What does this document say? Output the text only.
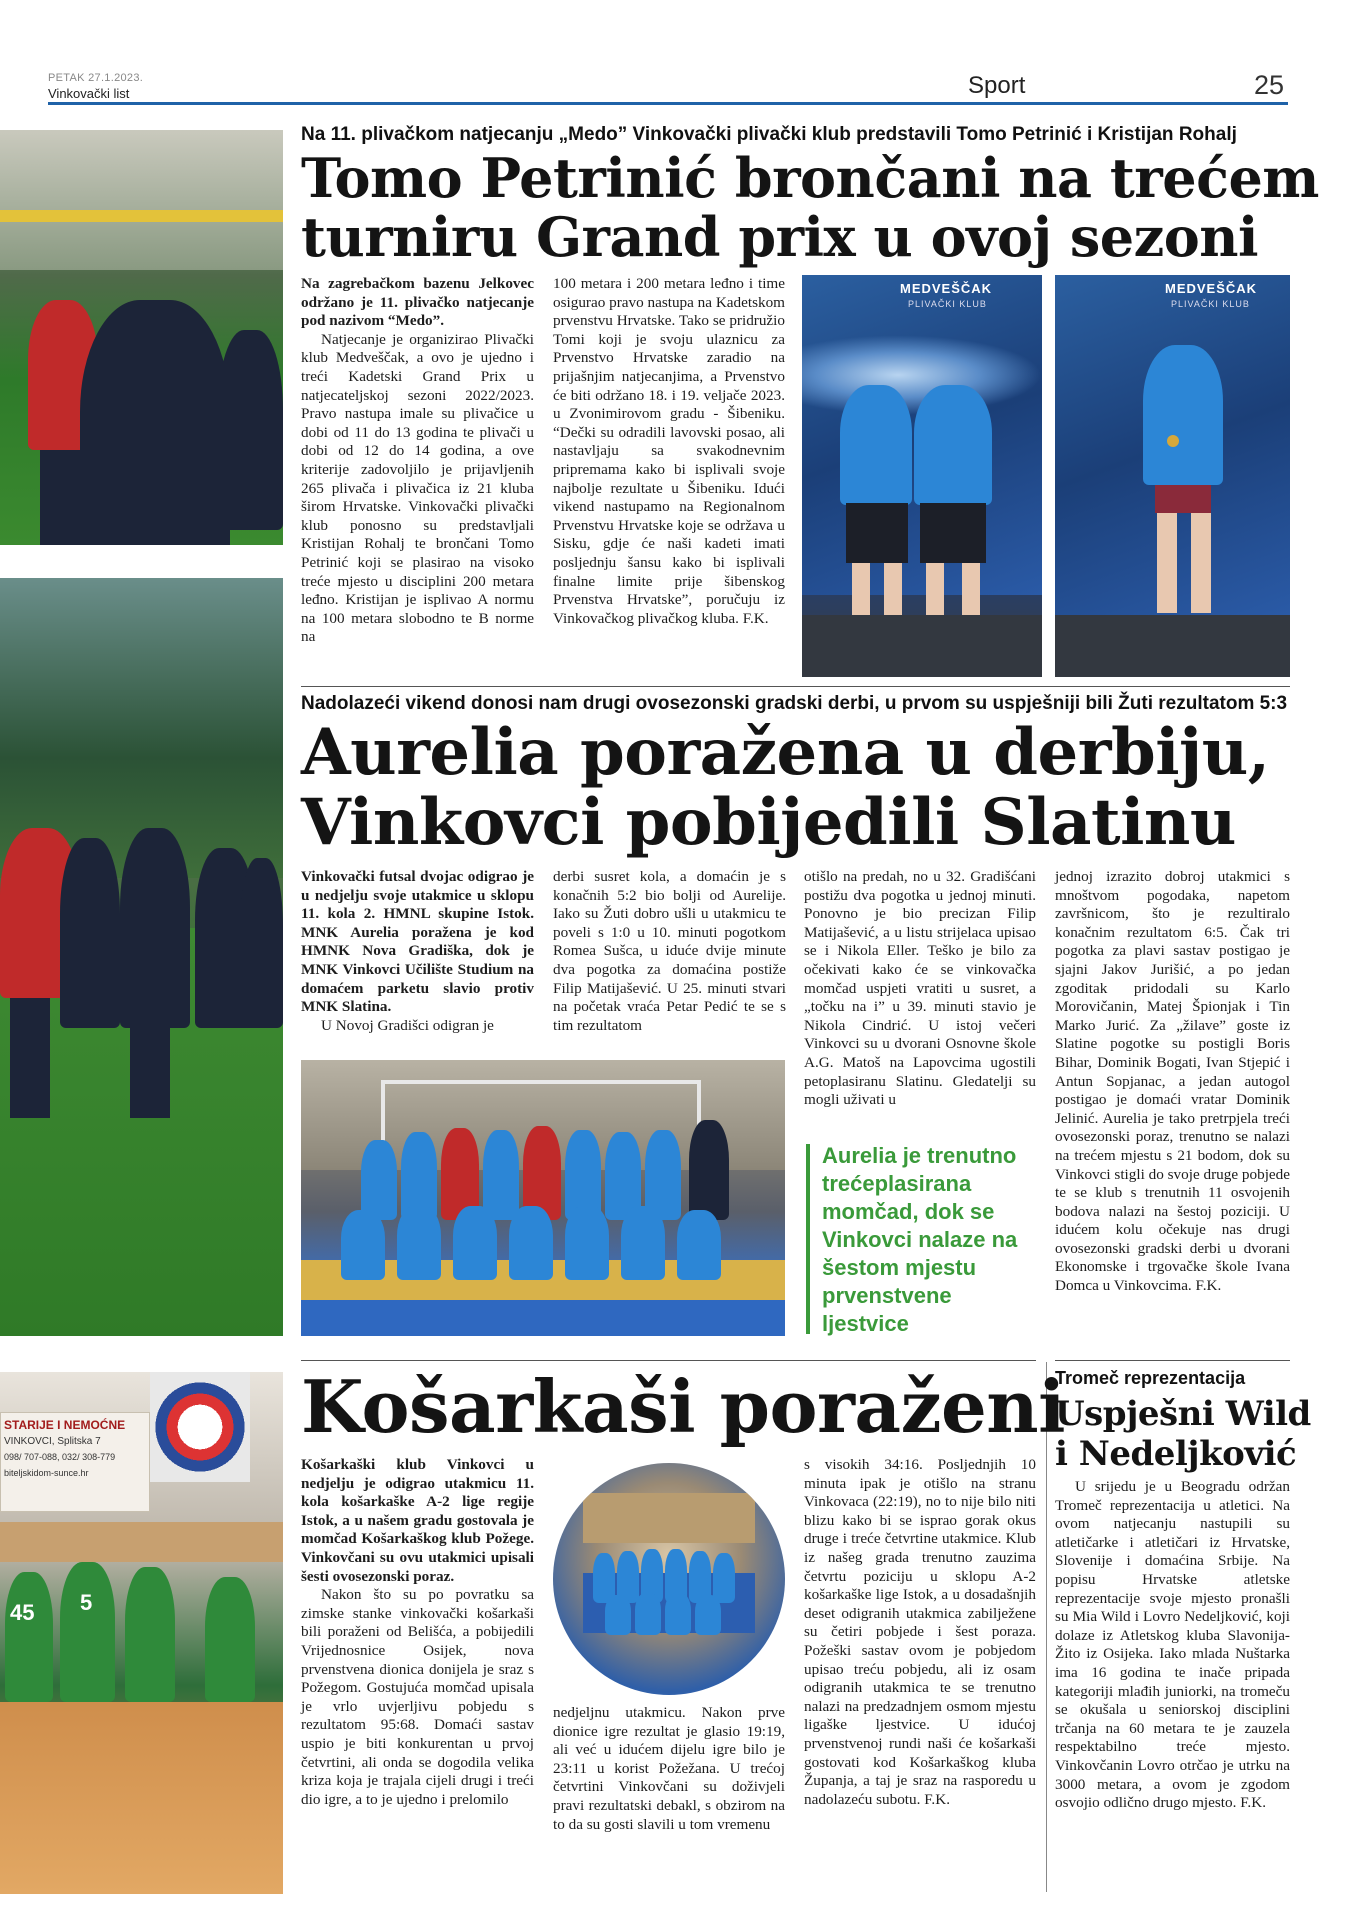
PETAK 27.1.2023.
Vinkovački list	Sport	25
STARIJE I NEMOĆNE
VINKOVCI, Splitska 7
098/ 707-088, 032/ 308-779
biteljskidom-sunce.hr
45 5
Na 11. plivačkom natjecanju „Medo” Vinkovački plivački klub predstavili Tomo Petrinić i Kristijan Rohalj
Tomo Petrinić brončani na trećem
turniru Grand prix u ovoj sezoni

Na zagrebačkom bazenu Jelkovec održano je 11. plivačko natjecanje pod nazivom “Medo”.

Natjecanje je organizirao Plivački klub Medveščak, a ovo je ujedno i treći Kadetski Grand Prix u natjecateljskoj sezoni 2022/2023. Pravo nastupa imale su plivačice u dobi od 11 do 13 godina te plivači u dobi od 12 do 14 godina, a ove kriterije zadovoljilo je prijavljenih 265 plivača i plivačica iz 21 kluba širom Hrvatske. Vinkovački plivački klub ponosno su predstavljali Kristijan Rohalj te brončani Tomo Petrinić koji se plasirao na visoko treće mjesto u disciplini 200 metara leđno. Kristijan je isplivao A normu na 100 metara slobodno te B norme na

100 metara i 200 metara leđno i time osigurao pravo nastupa na Kadetskom prvenstvu Hrvatske. Tako se pridružio Tomi koji je svoju ulaznicu za Prvenstvo Hrvatske zaradio na prijašnjim natjecanjima, a Prvenstvo će biti održano 18. i 19. veljače 2023. u Zvonimirovom gradu - Šibeniku. “Dečki su odradili lavovski posao, ali nastavljaju sa svakodnevnim pripremama kako bi isplivali svoje najbolje rezultate u Šibeniku. Idući vikend nastupamo na Regionalnom Prvenstvu Hrvatske koje se održava u Sisku, gdje će naši kadeti imati posljednju šansu kako bi isplivali finalne limite prije šibenskog Prvenstva Hrvatske”, poručuju iz Vinkovačkog plivačkog kluba. F.K.

MEDVEŠČAK
PLIVAČKI KLUB
MEDVEŠČAK
PLIVAČKI KLUB
Nadolazeći vikend donosi nam drugi ovosezonski gradski derbi, u prvom su uspješniji bili Žuti rezultatom 5:3
Aurelia poražena u derbiju,
Vinkovci pobijedili Slatinu

Vinkovački futsal dvojac odigrao je u nedjelju svoje utakmice u sklopu 11. kola 2. HMNL skupine Istok. MNK Aurelia poražena je kod HMNK Nova Gradiška, dok je MNK Vinkovci Učilište Studium na domaćem parketu slavio protiv MNK Slatina.

U Novoj Gradišci odigran je

derbi susret kola, a domaćin je s konačnih 5:2 bio bolji od Aurelije. Iako su Žuti dobro ušli u utakmicu te poveli s 1:0 u 10. minuti pogotkom Romea Sušca, u iduće dvije minute dva pogotka za domaćina postiže Filip Matijašević. U 25. minuti stvari na početak vraća Petar Pedić te se s tim rezultatom

otišlo na predah, no u 32. Gradišćani postižu dva pogotka u jednoj minuti. Ponovno je bio precizan Filip Matijašević, a u listu strijelaca upisao se i Nikola Eller. Teško je bilo za očekivati kako će se vinkovačka momčad uspjeti vratiti u susret, a „točku na i” u 39. minuti stavio je Nikola Cindrić. U istoj večeri Vinkovci su u dvorani Osnovne škole A.G. Matoš na Lapovcima ugostili petoplasiranu Slatinu. Gledatelji su mogli uživati u

jednoj izrazito dobroj utakmici s mnoštvom pogodaka, napetom završnicom, što je rezultiralo konačnim rezultatom 6:5. Čak tri pogotka za plavi sastav postigao je sjajni Jakov Jurišić, a po jedan zgoditak pridodali su Karlo Morovičanin, Matej Špionjak i Tin Marko Jurić. Za „žilave” goste iz Slatine pogotke su postigli Boris Bihar, Dominik Bogati, Ivan Stjepić i Antun Sopjanac, a jedan autogol postigao je domaći vratar Dominik Jelinić. Aurelia je tako pretrpjela treći ovosezonski poraz, trenutno se nalazi na trećem mjestu s 21 bodom, dok su Vinkovci stigli do svoje druge pobjede te se klub s trenutnih 11 osvojenih bodova nalazi na šestoj poziciji. U idućem kolu očekuje nas drugi ovosezonski gradski derbi u dvorani Ekonomske i trgovačke škole Ivana Domca u Vinkovcima. F.K.

Aurelia je trenutno trećeplasirana momčad, dok se Vinkovci nalaze na šestom mjestu prvenstvene ljestvice
Košarkaši poraženi

Košarkaški klub Vinkovci u nedjelju je odigrao utakmicu 11. kola košarkaške A-2 lige regije Istok, a u našem gradu gostovala je momčad Košarkaškog klub Požege. Vinkovčani su ovu utakmici upisali šesti ovosezonski poraz.

Nakon što su po povratku sa zimske stanke vinkovački košarkaši bili poraženi od Belišća, a pobijedili Vrijednosnice Osijek, nova prvenstvena dionica donijela je sraz s Požegom. Gostujuća momčad upisala je vrlo uvjerljivu pobjedu s rezultatom 95:68. Domaći sastav uspio je biti konkurentan u prvoj četvrtini, ali onda se dogodila velika kriza koja je trajala cijeli drugi i treći dio igre, a to je ujedno i prelomilo

nedjeljnu utakmicu. Nakon prve dionice igre rezultat je glasio 19:19, ali već u idućem dijelu igre bilo je 23:11 u korist Požežana. U trećoj četvrtini Vinkovčani su doživjeli pravi rezultatski debakl, s obzirom na to da su gosti slavili u tom vremenu

s visokih 34:16. Posljednjih 10 minuta ipak je otišlo na stranu Vinkovaca (22:19), no to nije bilo niti blizu kako bi se isprao gorak okus druge i treće četvrtine utakmice. Klub iz našeg grada trenutno zauzima četvrtu poziciju u sklopu A-2 košarkaške lige Istok, a u dosadašnjih deset odigranih utakmica zabilježene su četiri pobjede i šest poraza. Požeški sastav ovom je pobjedom upisao treću pobjedu, ali iz osam odigranih utakmica te se trenutno nalazi na predzadnjem osmom mjestu ligaške ljestvice. U idućoj prvenstvenoj rundi naši će košarkaši gostovati kod Košarkaškog kluba Županja, a taj je sraz na rasporedu u nadolazeću subotu. F.K.

Tromeč reprezentacija
Uspješni Wild
i Nedeljković

U srijedu je u Beogradu održan Tromeč reprezentacija u atletici. Na ovom natjecanju nastupili su atletičarke i atletičari iz Hrvatske, Slovenije i domaćina Srbije. Na popisu Hrvatske atletske reprezentacije svoje mjesto pronašli su Mia Wild i Lovro Nedeljković, koji dolaze iz Atletskog kluba Slavonija-Žito iz Osijeka. Iako mlada Nuštarka ima 16 godina te inače pripada kategoriji mlađih juniorki, na tromeču se okušala u seniorskoj disciplini trčanja na 60 metara te je zauzela respektabilno treće mjesto. Vinkovčanin Lovro otrčao je utrku na 3000 metara, a ovom je zgodom osvojio odlično drugo mjesto. F.K.
